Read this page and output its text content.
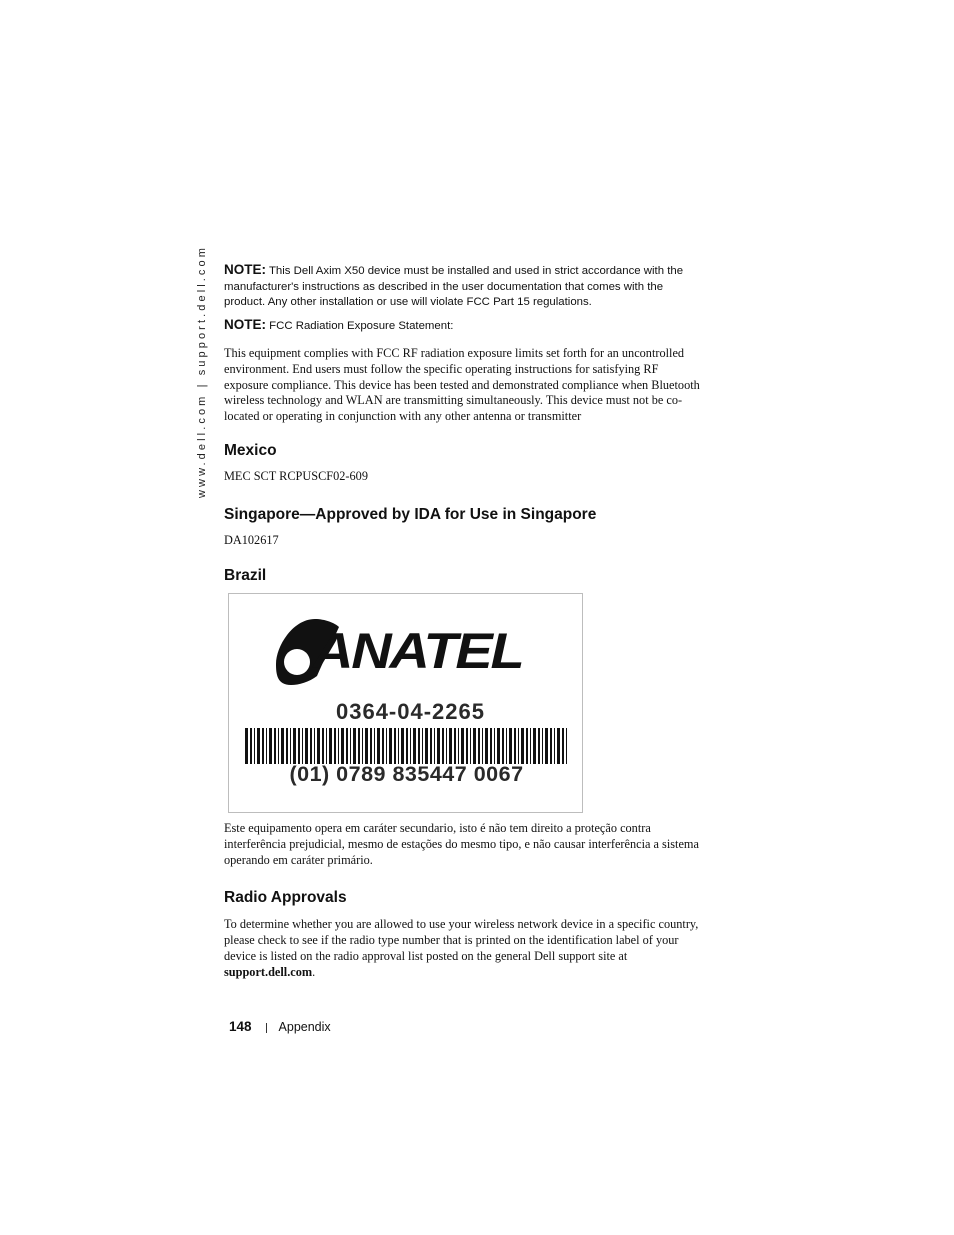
www.dell.com | support.dell.com NOTE: This Dell Axim X50 device must be installed and used in strict accordance with the manufacturer's instructions as described in the user documentation that comes with the product. Any other installation or use will violate FCC Part 15 regulations.

NOTE: FCC Radiation Exposure Statement:

This equipment complies with FCC RF radiation exposure limits set forth for an uncontrolled environment. End users must follow the specific operating instructions for satisfying RF exposure compliance. This device has been tested and demonstrated compliance when Bluetooth wireless technology and WLAN are transmitting simultaneously. This device must not be co-located or operating in conjunction with any other antenna or transmitter

Mexico

MEC SCT RCPUSCF02-609

Singapore—Approved by IDA for Use in Singapore

DA102617

Brazil
ANATEL
0364-04-2265
(01) 0789 835447 0067

Este equipamento opera em caráter secundario, isto é não tem direito a proteção contra interferência prejudicial, mesmo de estações do mesmo tipo, e não causar interferência a sistema operando em caráter primário.

Radio Approvals

To determine whether you are allowed to use your wireless network device in a specific country, please check to see if the radio type number that is printed on the identification label of your device is listed on the radio approval list posted on the general Dell support site at support.dell.com.

148 Appendix
